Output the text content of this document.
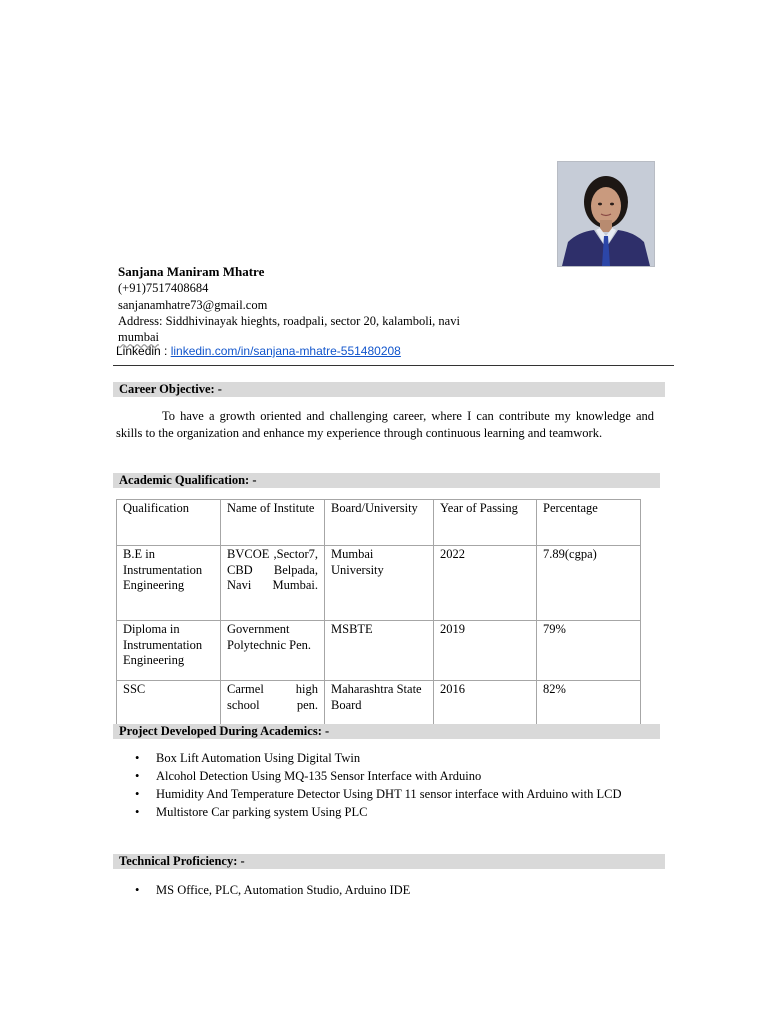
Sanjana Maniram Mhatre
(+91)7517408684
sanjanamhatre73@gmail.com
Address: Siddhivinayak hieghts, roadpali, sector 20, kalamboli, navi
mumbai
Linkedin : linkedin.com/in/sanjana-mhatre-551480208
Career Objective: -
To have a growth oriented and challenging career, where I can contribute my knowledge and skills to the organization and enhance my experience through continuous learning and teamwork.
Academic Qualification: -
Qualification	Name of Institute	Board/University	Year of Passing	Percentage
B.E in Instrumentation Engineering	BVCOE ,Sector7, CBD Belpada, Navi Mumbai.	Mumbai University	2022	7.89(cgpa)
Diploma in Instrumentation Engineering	Government Polytechnic Pen.	MSBTE	2019	79%
SSC	Carmel high school pen.	Maharashtra State Board	2016	82%
Project Developed During Academics: -
• Box Lift Automation Using Digital Twin
• Alcohol Detection Using MQ-135 Sensor Interface with Arduino
• Humidity And Temperature Detector Using DHT 11 sensor interface with Arduino with LCD
• Multistore Car parking system Using PLC
Technical Proficiency: -
• MS Office, PLC, Automation Studio, Arduino IDE
